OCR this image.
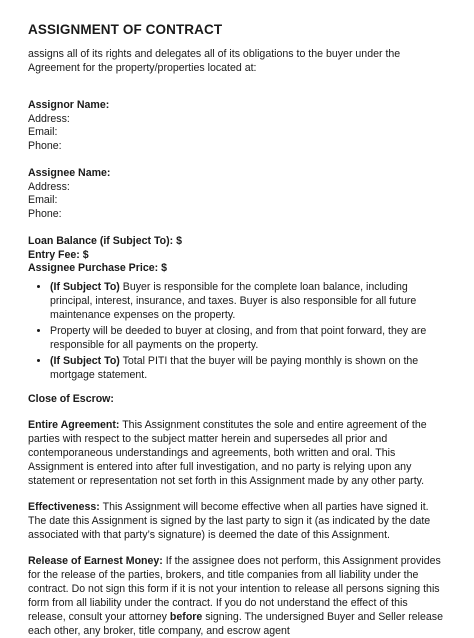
ASSIGNMENT OF CONTRACT

assigns all of its rights and delegates all of its obligations to the buyer under the Agreement for the property/properties located at:

Assignor Name:
Address:
Email:
Phone:
Assignee Name:
Address:
Email:
Phone:
Loan Balance (if Subject To): $
Entry Fee: $
Assignee Purchase Price: $
• (If Subject To) Buyer is responsible for the complete loan balance, including principal, interest, insurance, and taxes. Buyer is also responsible for all future maintenance expenses on the property.
• Property will be deeded to buyer at closing, and from that point forward, they are responsible for all payments on the property.
• (If Subject To) Total PITI that the buyer will be paying monthly is shown on the mortgage statement.

Close of Escrow:

Entire Agreement: This Assignment constitutes the sole and entire agreement of the parties with respect to the subject matter herein and supersedes all prior and contemporaneous understandings and agreements, both written and oral. This Assignment is entered into after full investigation, and no party is relying upon any statement or representation not set forth in this Assignment made by any other party.

Effectiveness: This Assignment will become effective when all parties have signed it. The date this Assignment is signed by the last party to sign it (as indicated by the date associated with that party’s signature) is deemed the date of this Assignment.

Release of Earnest Money: If the assignee does not perform, this Assignment provides for the release of the parties, brokers, and title companies from all liability under the contract. Do not sign this form if it is not your intention to release all persons signing this form from all liability under the contract. If you do not understand the effect of this release, consult your attorney before signing. The undersigned Buyer and Seller release each other, any broker, title company, and escrow agent
